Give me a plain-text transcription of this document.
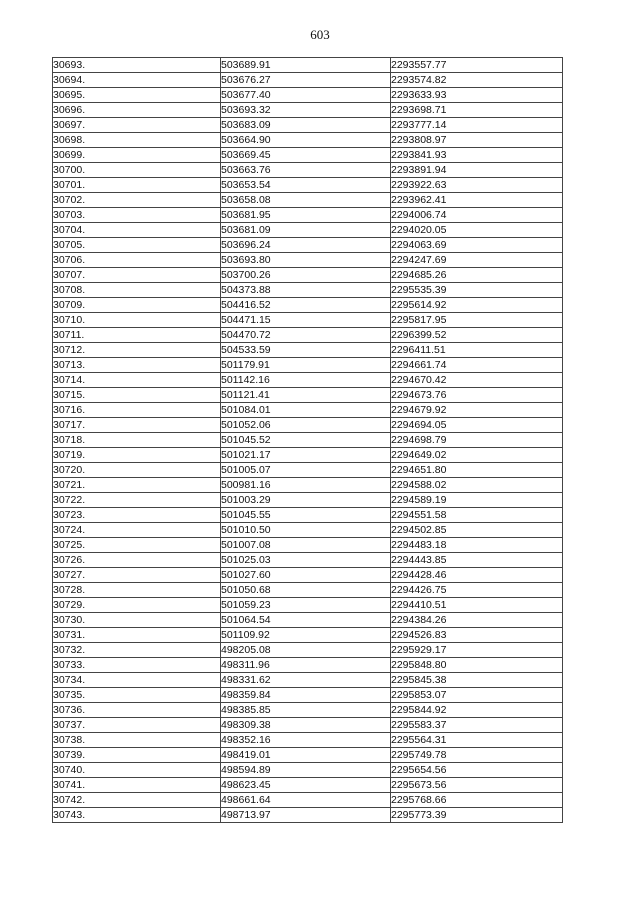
603
30693.	503689.91	2293557.77
30694.	503676.27	2293574.82
30695.	503677.40	2293633.93
30696.	503693.32	2293698.71
30697.	503683.09	2293777.14
30698.	503664.90	2293808.97
30699.	503669.45	2293841.93
30700.	503663.76	2293891.94
30701.	503653.54	2293922.63
30702.	503658.08	2293962.41
30703.	503681.95	2294006.74
30704.	503681.09	2294020.05
30705.	503696.24	2294063.69
30706.	503693.80	2294247.69
30707.	503700.26	2294685.26
30708.	504373.88	2295535.39
30709.	504416.52	2295614.92
30710.	504471.15	2295817.95
30711.	504470.72	2296399.52
30712.	504533.59	2296411.51
30713.	501179.91	2294661.74
30714.	501142.16	2294670.42
30715.	501121.41	2294673.76
30716.	501084.01	2294679.92
30717.	501052.06	2294694.05
30718.	501045.52	2294698.79
30719.	501021.17	2294649.02
30720.	501005.07	2294651.80
30721.	500981.16	2294588.02
30722.	501003.29	2294589.19
30723.	501045.55	2294551.58
30724.	501010.50	2294502.85
30725.	501007.08	2294483.18
30726.	501025.03	2294443.85
30727.	501027.60	2294428.46
30728.	501050.68	2294426.75
30729.	501059.23	2294410.51
30730.	501064.54	2294384.26
30731.	501109.92	2294526.83
30732.	498205.08	2295929.17
30733.	498311.96	2295848.80
30734.	498331.62	2295845.38
30735.	498359.84	2295853.07
30736.	498385.85	2295844.92
30737.	498309.38	2295583.37
30738.	498352.16	2295564.31
30739.	498419.01	2295749.78
30740.	498594.89	2295654.56
30741.	498623.45	2295673.56
30742.	498661.64	2295768.66
30743.	498713.97	2295773.39
